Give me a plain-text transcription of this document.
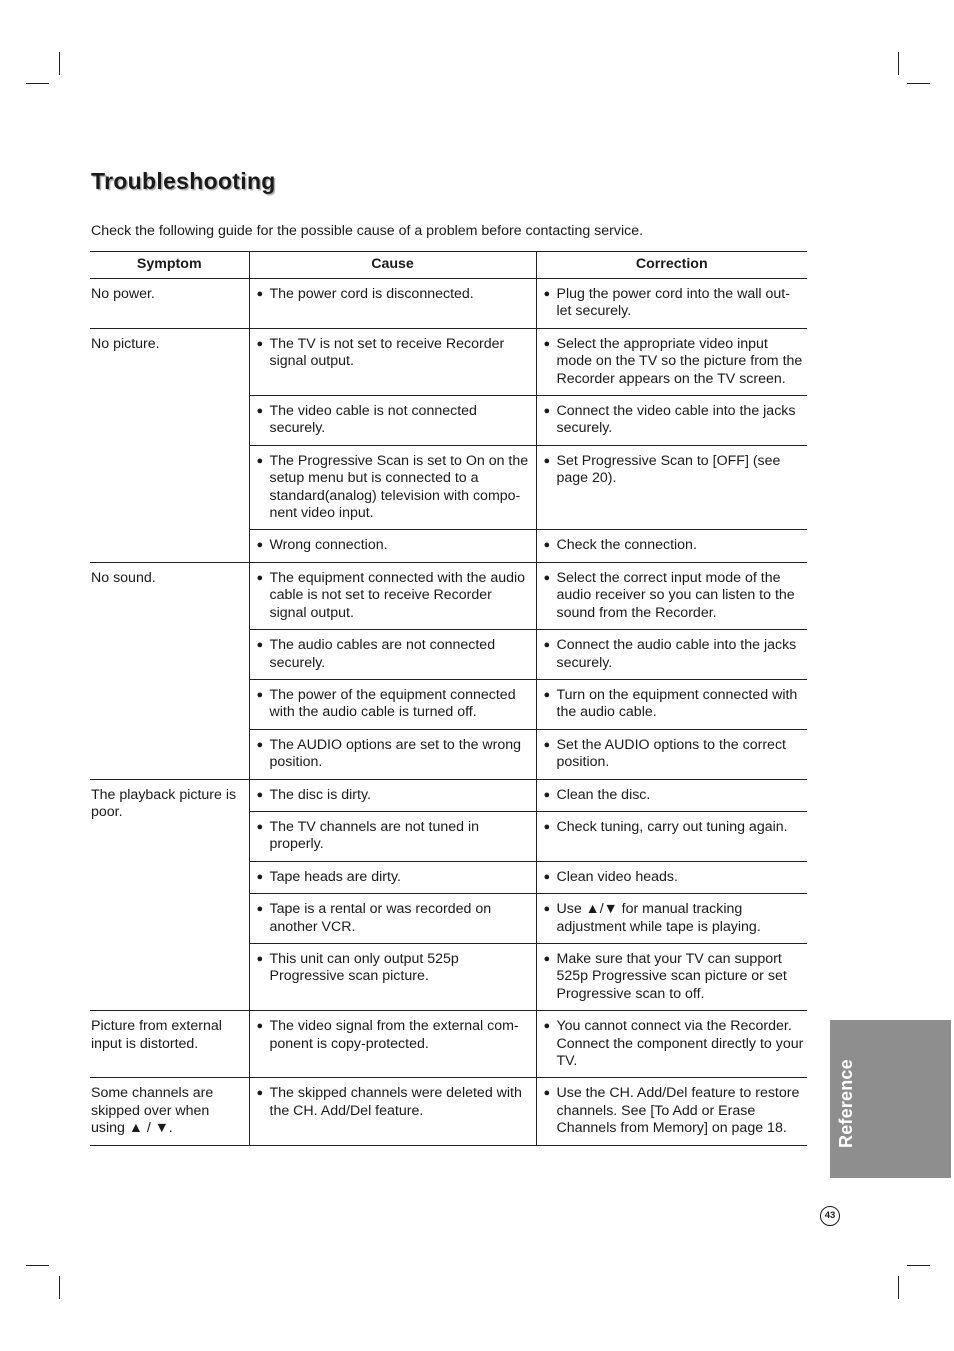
Troubleshooting

Check the following guide for the possible cause of a problem before contacting service.

Symptom	Cause	Correction
No power.	● The power cord is disconnected.	● Plug the power cord into the wall out-let securely.

No picture.	● The TV is not set to receive Recorder signal output.	● Select the appropriate video input mode on the TV so the picture from the Recorder appears on the TV screen.

	● The video cable is not connected securely.	● Connect the video cable into the jacks securely.

	● The Progressive Scan is set to On on the setup menu but is connected to a standard(analog) television with compo-nent video input.	● Set Progressive Scan to [OFF] (see page 20).

	● Wrong connection.	● Check the connection.

No sound.	● The equipment connected with the audio cable is not set to receive Recorder signal output.	● Select the correct input mode of the audio receiver so you can listen to the sound from the Recorder.

	● The audio cables are not connected securely.	● Connect the audio cable into the jacks securely.

	● The power of the equipment connected with the audio cable is turned off.	● Turn on the equipment connected with the audio cable.

	● The AUDIO options are set to the wrong position.	● Set the AUDIO options to the correct position.

The playback picture is poor.	● The disc is dirty.	● Clean the disc.

	● The TV channels are not tuned in properly.	● Check tuning, carry out tuning again.

	● Tape heads are dirty.	● Clean video heads.

	● Tape is a rental or was recorded on another VCR.	● Use ▲/▼ for manual tracking adjustment while tape is playing.

	● This unit can only output 525p Progressive scan picture.	● Make sure that your TV can support 525p Progressive scan picture or set Progressive scan to off.

Picture from external input is distorted.	● The video signal from the external com-ponent is copy-protected.	● You cannot connect via the Recorder. Connect the component directly to your TV.

Some channels are skipped over when using ▲ / ▼.	● The skipped channels were deleted with the CH. Add/Del feature.	● Use the CH. Add/Del feature to restore channels. See [To Add or Erase Channels from Memory] on page 18.	Reference
43
